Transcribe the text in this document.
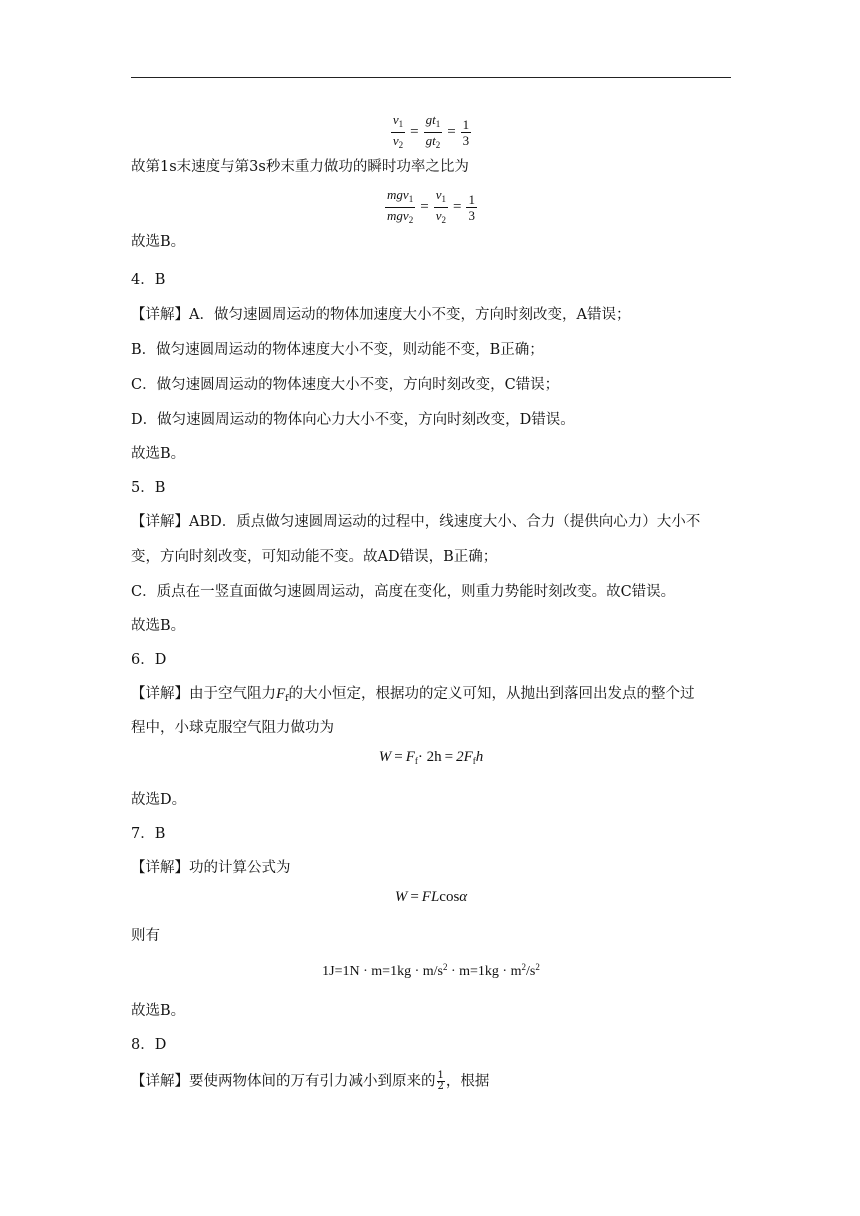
$\frac{v_1}{v_2} = \frac{gt_1}{gt_2} = \frac{1}{3}$
故第1s末速度与第3s秒末重力做功的瞬时功率之比为
$\frac{mgv_1}{mgv_2} = \frac{v_1}{v_2} = \frac{1}{3}$
故选B。
4．B
【详解】A．做匀速圆周运动的物体加速度大小不变，方向时刻改变，A错误；
B．做匀速圆周运动的物体速度大小不变，则动能不变，B正确；
C．做匀速圆周运动的物体速度大小不变，方向时刻改变，C错误；
D．做匀速圆周运动的物体向心力大小不变，方向时刻改变，D错误。
故选B。
5．B
【详解】ABD．质点做匀速圆周运动的过程中，线速度大小、合力（提供向心力）大小不
变，方向时刻改变，可知动能不变。故AD错误，B正确；
C．质点在一竖直面做匀速圆周运动，高度在变化，则重力势能时刻改变。故C错误。
故选B。
6．D
【详解】由于空气阻力$F_f$的大小恒定，根据功的定义可知，从抛出到落回出发点的整个过
程中，小球克服空气阻力做功为
$W = F_f\cdot 2h = 2F_fh$
故选D。
7．B
【详解】功的计算公式为
W = FLcosα
则有
$1J=1N \cdot m=1kg \cdot m/s^2 \cdot m=1kg \cdot m^2/s^2$
故选B。
8．D
【详解】要使两物体间的万有引力减小到原来的 $\frac{1}{2}$ ，根据
